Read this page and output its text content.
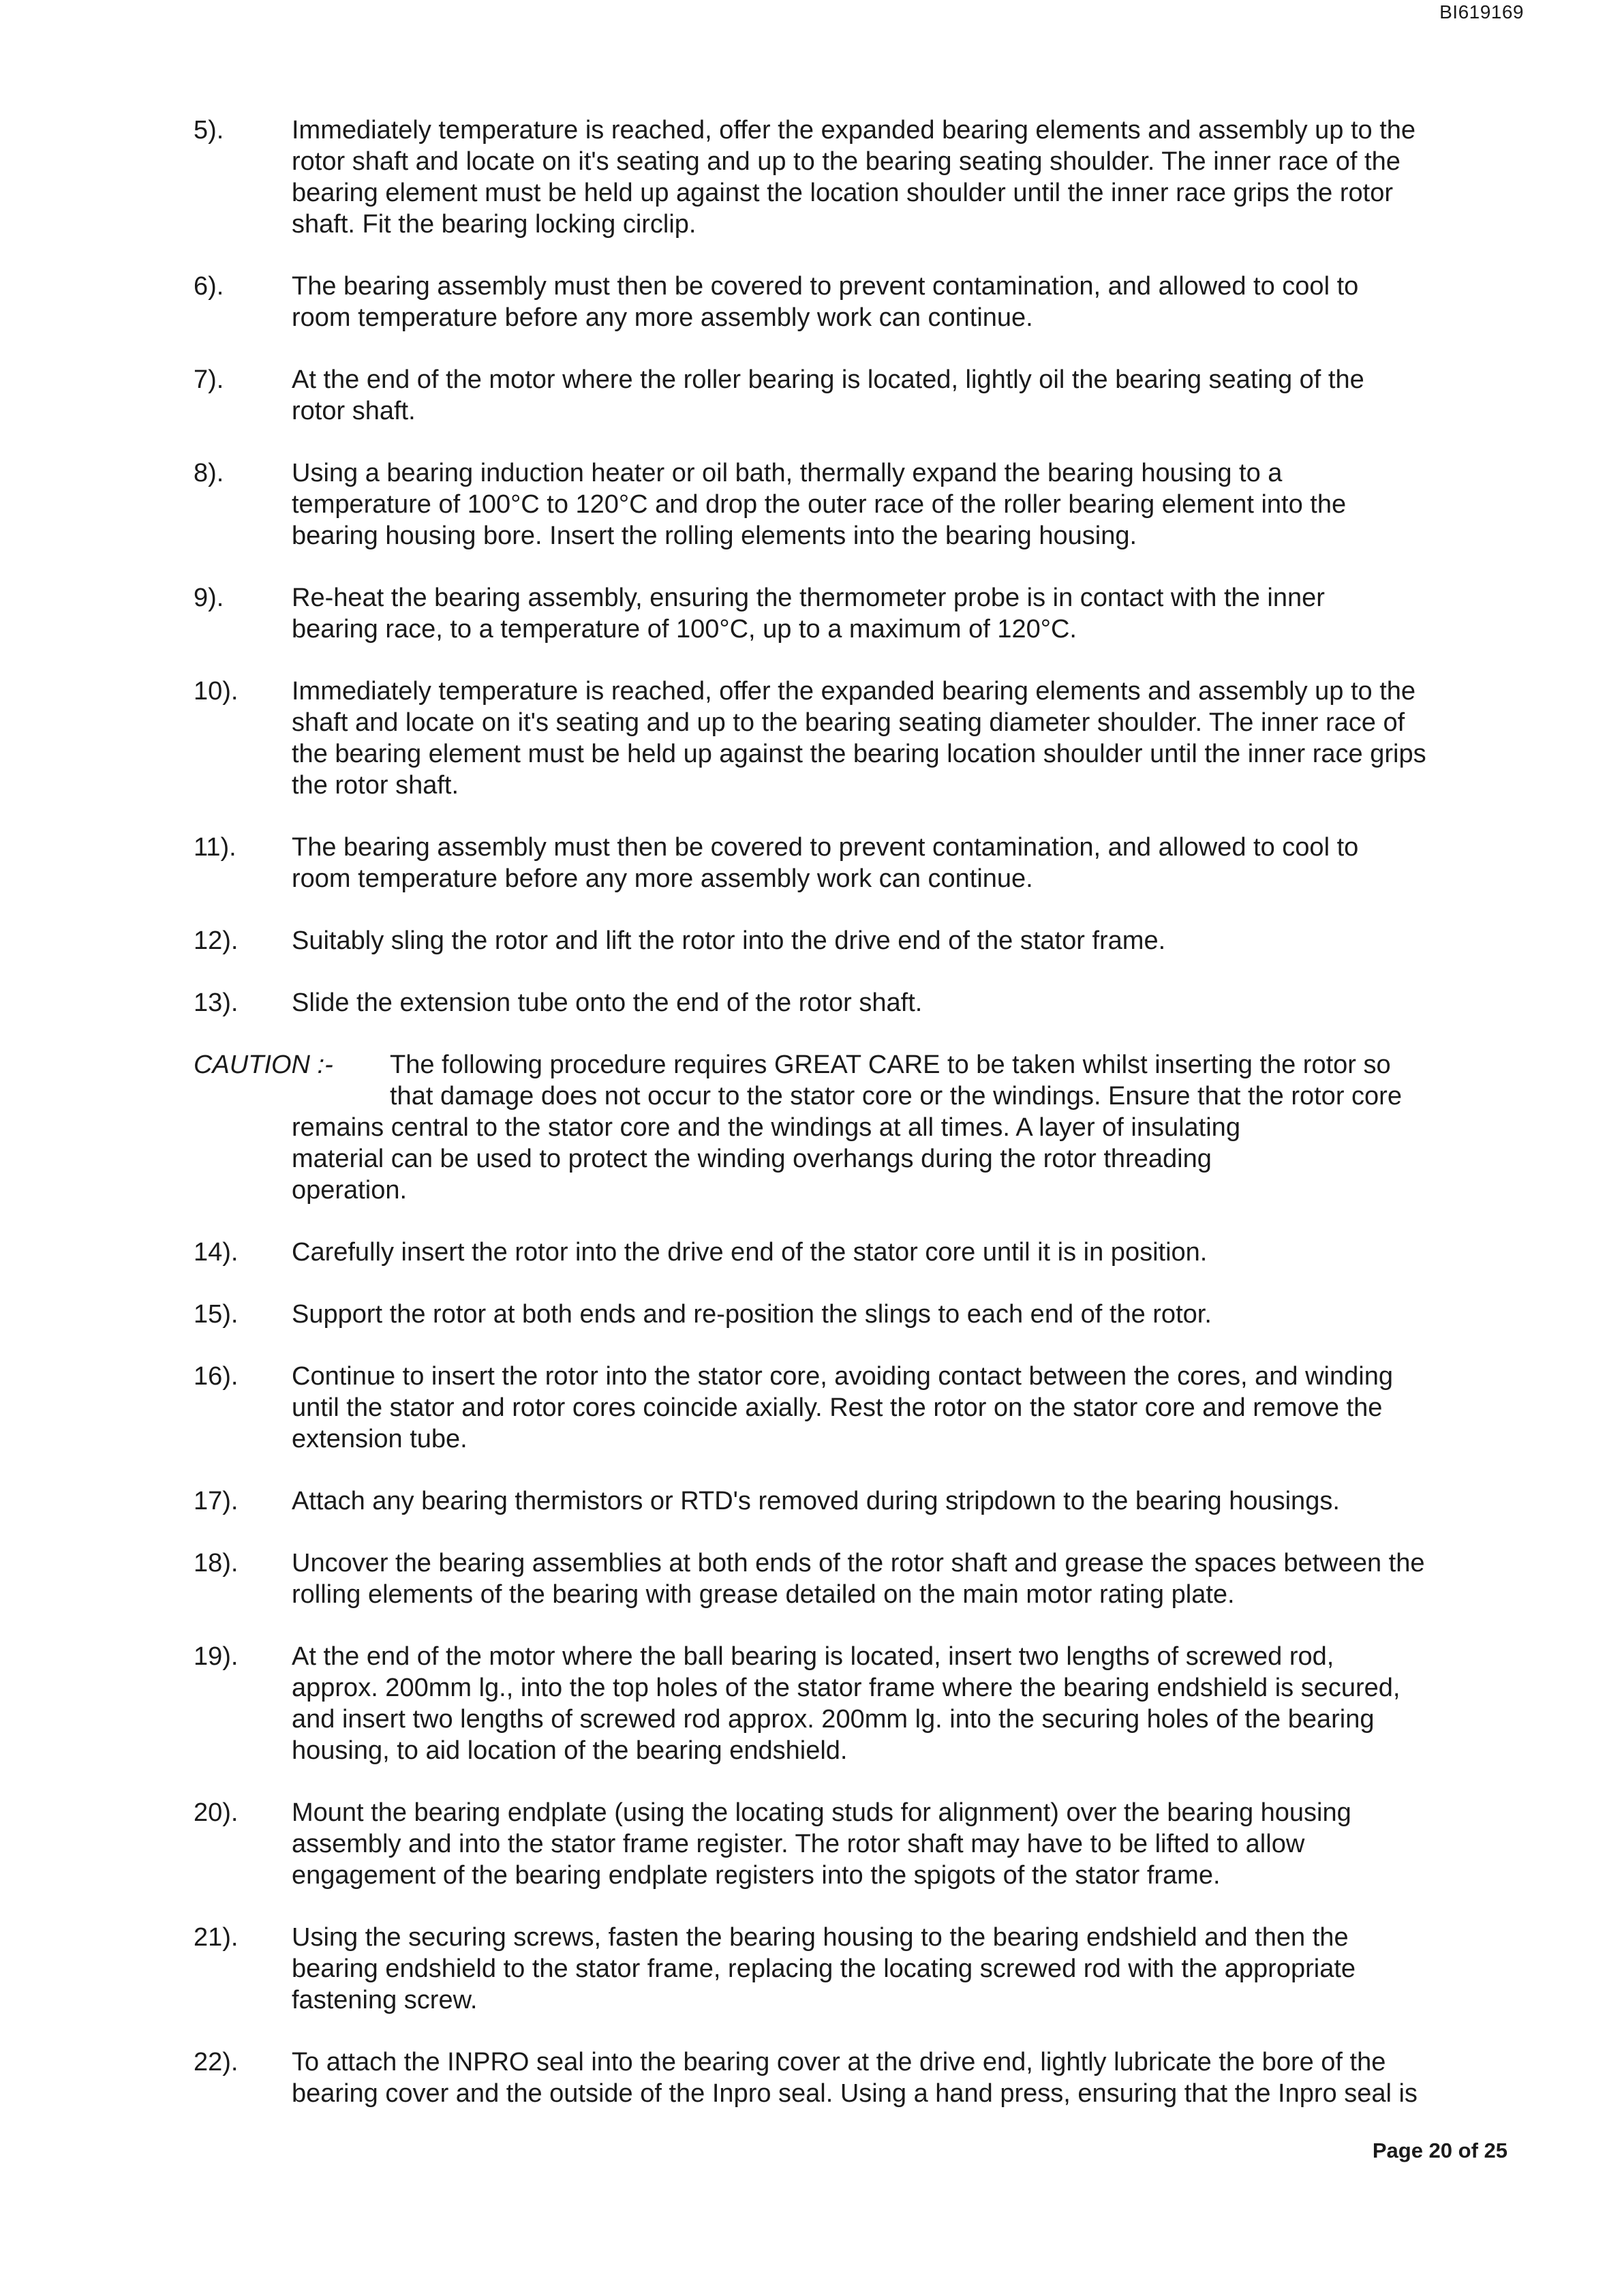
BI619169
5).	Immediately temperature is reached, offer the expanded bearing elements and assembly up to the
rotor shaft and locate on it's seating and up to the bearing seating shoulder. The inner race of the
bearing element must be held up against the location shoulder until the inner race grips the rotor
shaft. Fit the bearing locking circlip.
6).	The bearing assembly must then be covered to prevent contamination, and allowed to cool to
room temperature before any more assembly work can continue.
7).	At the end of the motor where the roller bearing is located, lightly oil the bearing seating of the
rotor shaft.
8).	Using a bearing induction heater or oil bath, thermally expand the bearing housing to a
temperature of 100°C to 120°C and drop the outer race of the roller bearing element into the
bearing housing bore. Insert the rolling elements into the bearing housing.
9).	Re-heat the bearing assembly, ensuring the thermometer probe is in contact with the inner
bearing race, to a temperature of 100°C, up to a maximum of 120°C.
10). Immediately temperature is reached, offer the expanded bearing elements and assembly up to the
shaft and locate on it's seating and up to the bearing seating diameter shoulder. The inner race of
the bearing element must be held up against the bearing location shoulder until the inner race grips
the rotor shaft.
11). The bearing assembly must then be covered to prevent contamination, and allowed to cool to
room temperature before any more assembly work can continue.
12). Suitably sling the rotor and lift the rotor into the drive end of the stator frame.
13). Slide the extension tube onto the end of the rotor shaft.
CAUTION :-	The following procedure requires GREAT CARE to be taken whilst inserting the rotor so
that damage does not occur to the stator core or the windings. Ensure that the rotor core
remains central to the stator core and the windings at all times. A layer of insulating
material can be used to protect the winding overhangs during the rotor threading
operation.
14). Carefully insert the rotor into the drive end of the stator core until it is in position.
15). Support the rotor at both ends and re-position the slings to each end of the rotor.
16). Continue to insert the rotor into the stator core, avoiding contact between the cores, and winding
until the stator and rotor cores coincide axially. Rest the rotor on the stator core and remove the
extension tube.
17). Attach any bearing thermistors or RTD's removed during stripdown to the bearing housings.
18). Uncover the bearing assemblies at both ends of the rotor shaft and grease the spaces between the
rolling elements of the bearing with grease detailed on the main motor rating plate.
19). At the end of the motor where the ball bearing is located, insert two lengths of screwed rod,
approx. 200mm lg., into the top holes of the stator frame where the bearing endshield is secured,
and insert two lengths of screwed rod approx. 200mm lg. into the securing holes of the bearing
housing, to aid location of the bearing endshield.
20). Mount the bearing endplate (using the locating studs for alignment) over the bearing housing
assembly and into the stator frame register. The rotor shaft may have to be lifted to allow
engagement of the bearing endplate registers into the spigots of the stator frame.
21). Using the securing screws, fasten the bearing housing to the bearing endshield and then the
bearing endshield to the stator frame, replacing the locating screwed rod with the appropriate
fastening screw.
22). To attach the INPRO seal into the bearing cover at the drive end, lightly lubricate the bore of the
bearing cover and the outside of the Inpro seal. Using a hand press, ensuring that the Inpro seal is
Page 20 of 25
